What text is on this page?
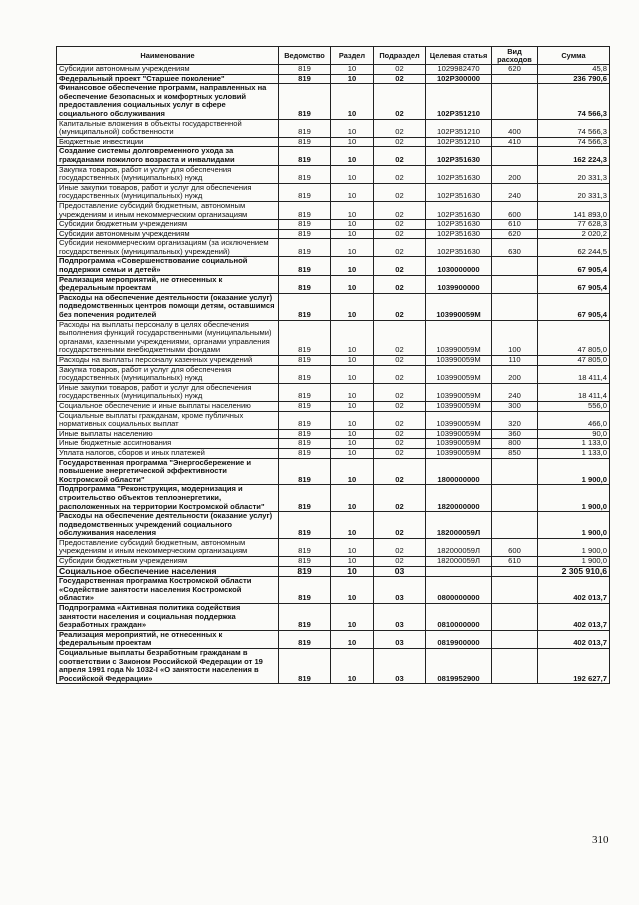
Наименование	Ведомство	Раздел	Подраздел	Целевая статья	Вид расходов	Сумма
Субсидии автономным учреждениям	819	10	02	1029982470	620	45,8
Федеральный проект "Старшее поколение"	819	10	02	102P300000		236 790,6
Финансовое обеспечение программ, направленных на обеспечение безопасных и комфортных условий предоставления социальных услуг в сфере социального обслуживания	819	10	02	102P351210		74 566,3
Капитальные вложения в объекты государственной (муниципальной) собственности	819	10	02	102P351210	400	74 566,3
Бюджетные инвестиции	819	10	02	102P351210	410	74 566,3
Создание системы долговременного ухода за гражданами пожилого возраста и инвалидами	819	10	02	102P351630		162 224,3
Закупка товаров, работ и услуг для обеспечения государственных (муниципальных) нужд	819	10	02	102P351630	200	20 331,3
Иные закупки товаров, работ и услуг для обеспечения государственных (муниципальных) нужд	819	10	02	102P351630	240	20 331,3
Предоставление субсидий бюджетным, автономным учреждениям и иным некоммерческим организациям	819	10	02	102P351630	600	141 893,0
Субсидии бюджетным учреждениям	819	10	02	102P351630	610	77 628,3
Субсидии автономным учреждениям	819	10	02	102P351630	620	2 020,2
Субсидии некоммерческим организациям (за исключением государственных (муниципальных) учреждений)	819	10	02	102P351630	630	62 244,5
Подпрограмма «Совершенствование социальной поддержки семьи и детей»	819	10	02	1030000000		67 905,4
Реализация мероприятий, не отнесенных к федеральным проектам	819	10	02	1039900000		67 905,4
Расходы на обеспечение деятельности (оказание услуг) подведомственных центров помощи детям, оставшимся без попечения родителей	819	10	02	103990059М		67 905,4
Расходы на выплаты персоналу в целях обеспечения выполнения функций государственными (муниципальными) органами, казенными учреждениями, органами управления государственными внебюджетными фондами	819	10	02	103990059М	100	47 805,0
Расходы на выплаты персоналу казенных учреждений	819	10	02	103990059М	110	47 805,0
Закупка товаров, работ и услуг для обеспечения государственных (муниципальных) нужд	819	10	02	103990059М	200	18 411,4
Иные закупки товаров, работ и услуг для обеспечения государственных (муниципальных) нужд	819	10	02	103990059М	240	18 411,4
Социальное обеспечение и иные выплаты населению	819	10	02	103990059М	300	556,0
Социальные выплаты гражданам, кроме публичных нормативных социальных выплат	819	10	02	103990059М	320	466,0
Иные выплаты населению	819	10	02	103990059М	360	90,0
Иные бюджетные ассигнования	819	10	02	103990059М	800	1 133,0
Уплата налогов, сборов и иных платежей	819	10	02	103990059М	850	1 133,0
Государственная программа "Энергосбережение и повышение энергетической эффективности Костромской области"	819	10	02	1800000000		1 900,0
Подпрограмма "Реконструкция, модернизация и строительство объектов теплоэнергетики, расположенных на территории Костромской области"	819	10	02	1820000000		1 900,0
Расходы на обеспечение деятельности (оказание услуг) подведомственных учреждений социального обслуживания населения	819	10	02	182000059Л		1 900,0
Предоставление субсидий бюджетным, автономным учреждениям и иным некоммерческим организациям	819	10	02	182000059Л	600	1 900,0
Субсидии бюджетным учреждениям	819	10	02	182000059Л	610	1 900,0
Социальное обеспечение населения	819	10	03			2 305 910,6
Государственная программа Костромской области «Содействие занятости населения Костромской области»	819	10	03	0800000000		402 013,7
Подпрограмма «Активная политика содействия занятости населения и социальная поддержка безработных граждан»	819	10	03	0810000000		402 013,7
Реализация мероприятий, не отнесенных к федеральным проектам	819	10	03	0819900000		402 013,7
Социальные выплаты безработным гражданам в соответствии с Законом Российской Федерации от 19 апреля 1991 года № 1032-I «О занятости населения в Российской Федерации»	819	10	03	0819952900		192 627,7
310
